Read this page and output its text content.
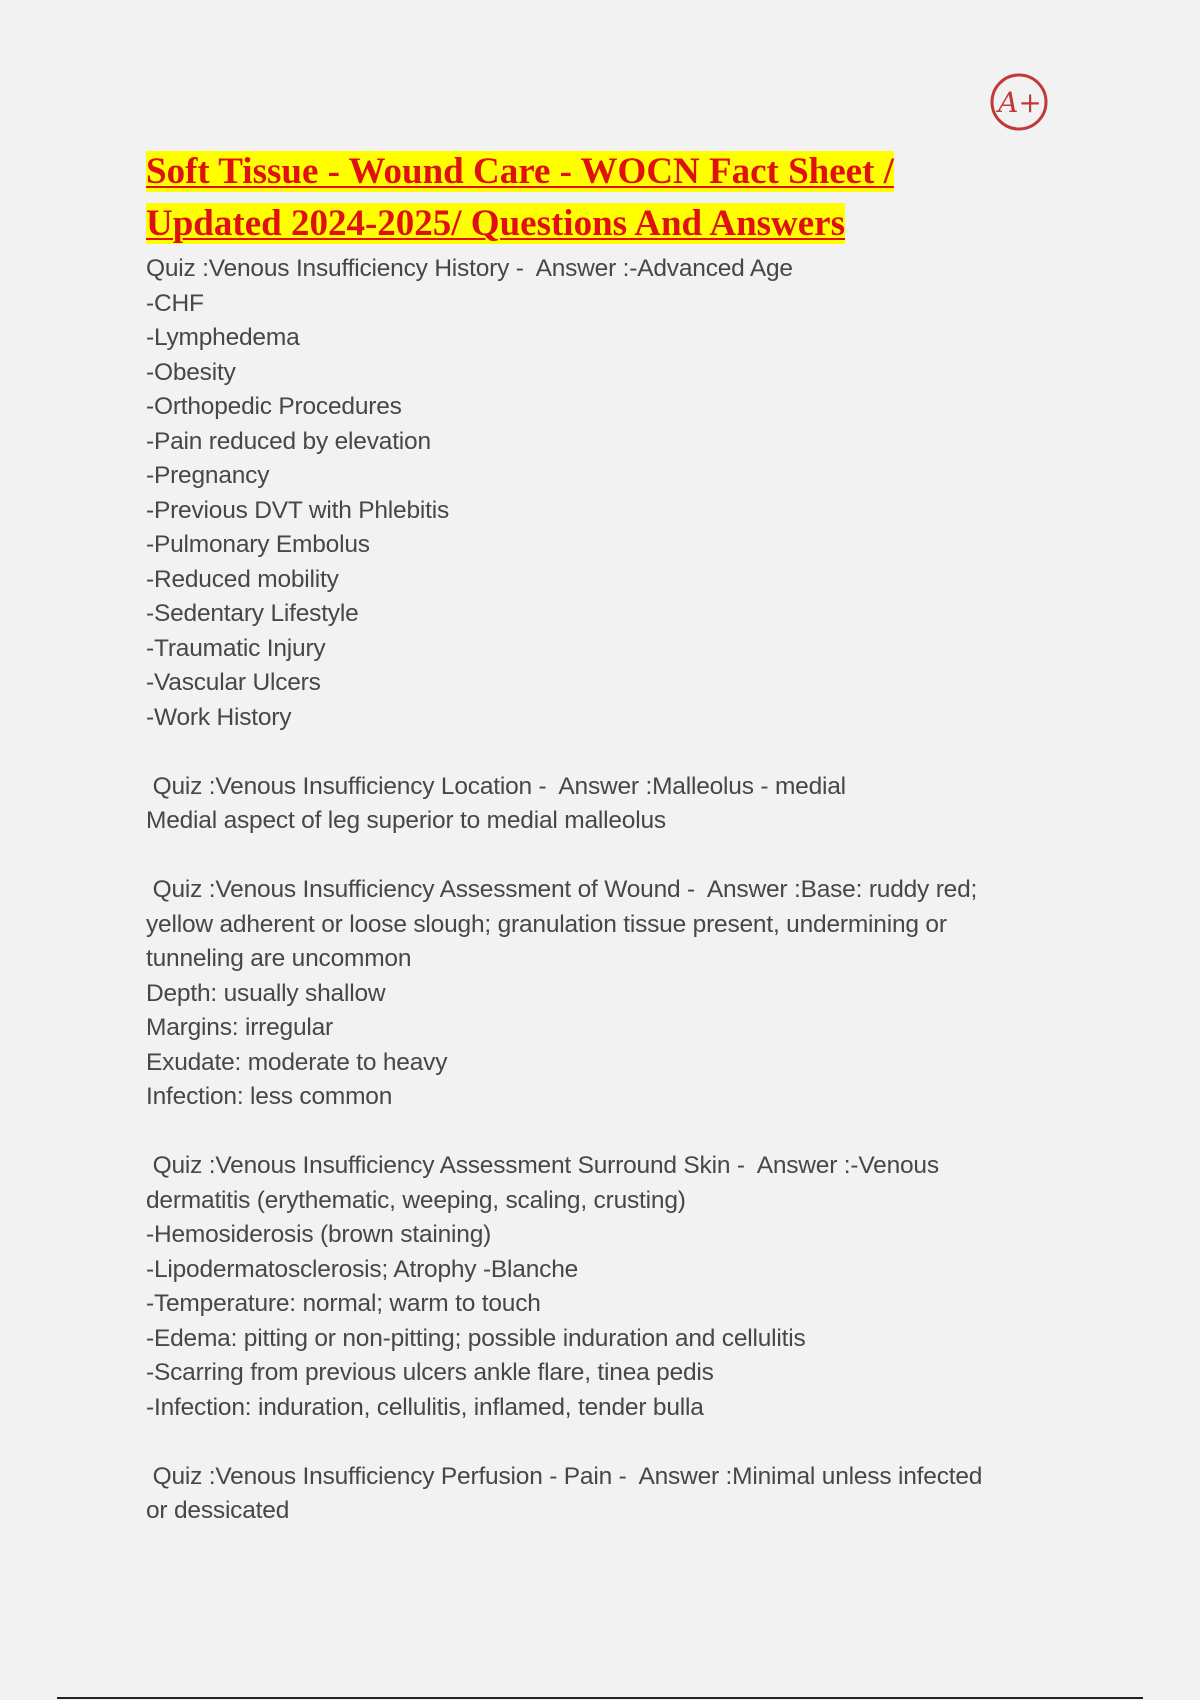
A+
Soft Tissue - Wound Care - WOCN Fact Sheet /
Updated 2024-2025/ Questions And Answers
Quiz :Venous Insufficiency History -  Answer :-Advanced Age
-CHF
-Lymphedema
-Obesity
-Orthopedic Procedures
-Pain reduced by elevation
-Pregnancy
-Previous DVT with Phlebitis
-Pulmonary Embolus
-Reduced mobility
-Sedentary Lifestyle
-Traumatic Injury
-Vascular Ulcers
-Work History
Quiz :Venous Insufficiency Location -  Answer :Malleolus - medial
Medial aspect of leg superior to medial malleolus
Quiz :Venous Insufficiency Assessment of Wound -  Answer :Base: ruddy red;
yellow adherent or loose slough; granulation tissue present, undermining or
tunneling are uncommon
Depth: usually shallow
Margins: irregular
Exudate: moderate to heavy
Infection: less common
Quiz :Venous Insufficiency Assessment Surround Skin -  Answer :-Venous
dermatitis (erythematic, weeping, scaling, crusting)
-Hemosiderosis (brown staining)
-Lipodermatosclerosis; Atrophy -Blanche
-Temperature: normal; warm to touch
-Edema: pitting or non-pitting; possible induration and cellulitis
-Scarring from previous ulcers ankle flare, tinea pedis
-Infection: induration, cellulitis, inflamed, tender bulla
Quiz :Venous Insufficiency Perfusion - Pain -  Answer :Minimal unless infected
or dessicated
